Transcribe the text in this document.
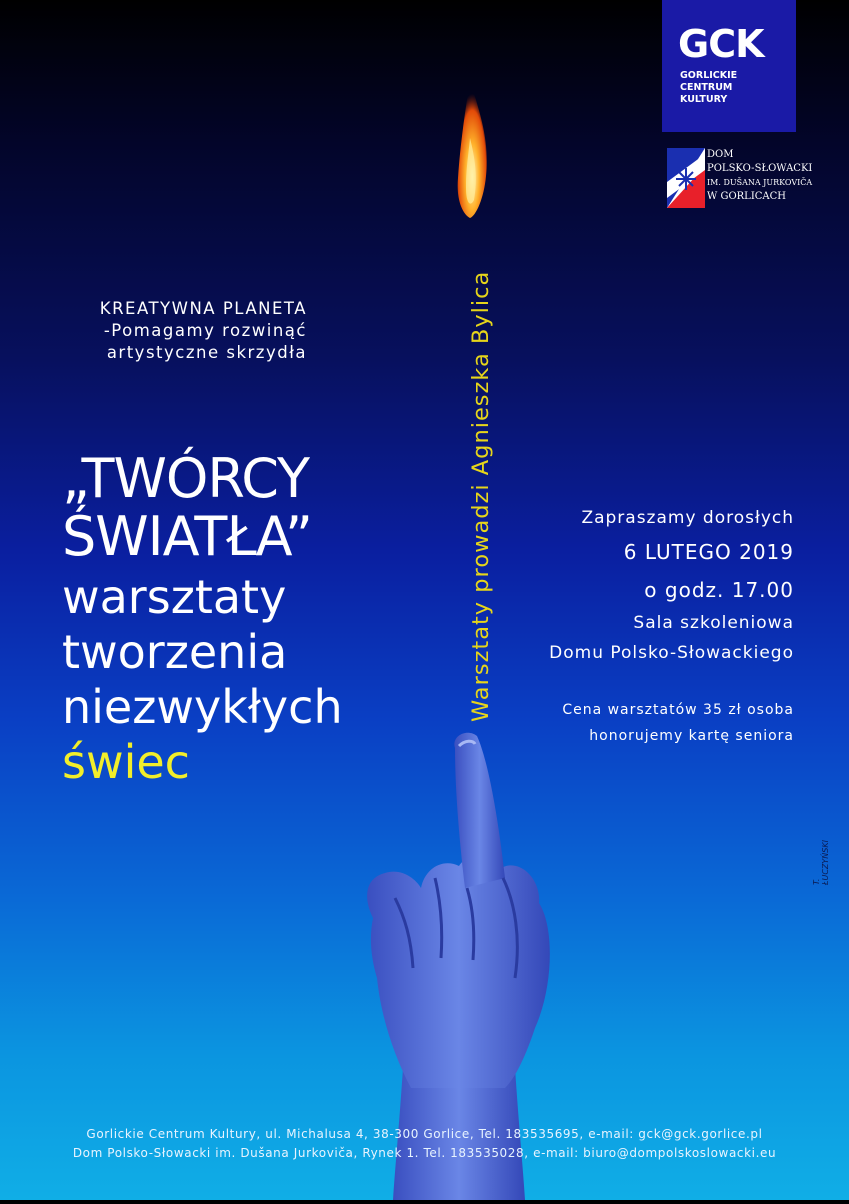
GCK
GORLICKIE
CENTRUM
KULTURY
DOM
POLSKO-SŁOWACKI
IM. DUŠANA JURKOVIČA
W GORLICACH
KREATYWNA PLANETA
-Pomagamy rozwinąć
artystyczne skrzydła
„TWÓRCY
ŚWIATŁA”
warsztaty
tworzenia
niezwykłych
świec
Warsztaty prowadzi Agnieszka Bylica	Zapraszamy dorosłych
6 LUTEGO 2019
o godz. 17.00
Sala szkoleniowa
Domu Polsko-Słowackiego
Cena warsztatów 35 zł osoba
honorujemy kartę seniora
T. ŁUCZYŃSKI
Gorlickie Centrum Kultury, ul. Michalusa 4, 38-300 Gorlice, Tel. 183535695, e-mail: gck@gck.gorlice.pl
Dom Polsko-Słowacki im. Dušana Jurkoviča, Rynek 1. Tel. 183535028, e-mail: biuro@dompolskoslowacki.eu
